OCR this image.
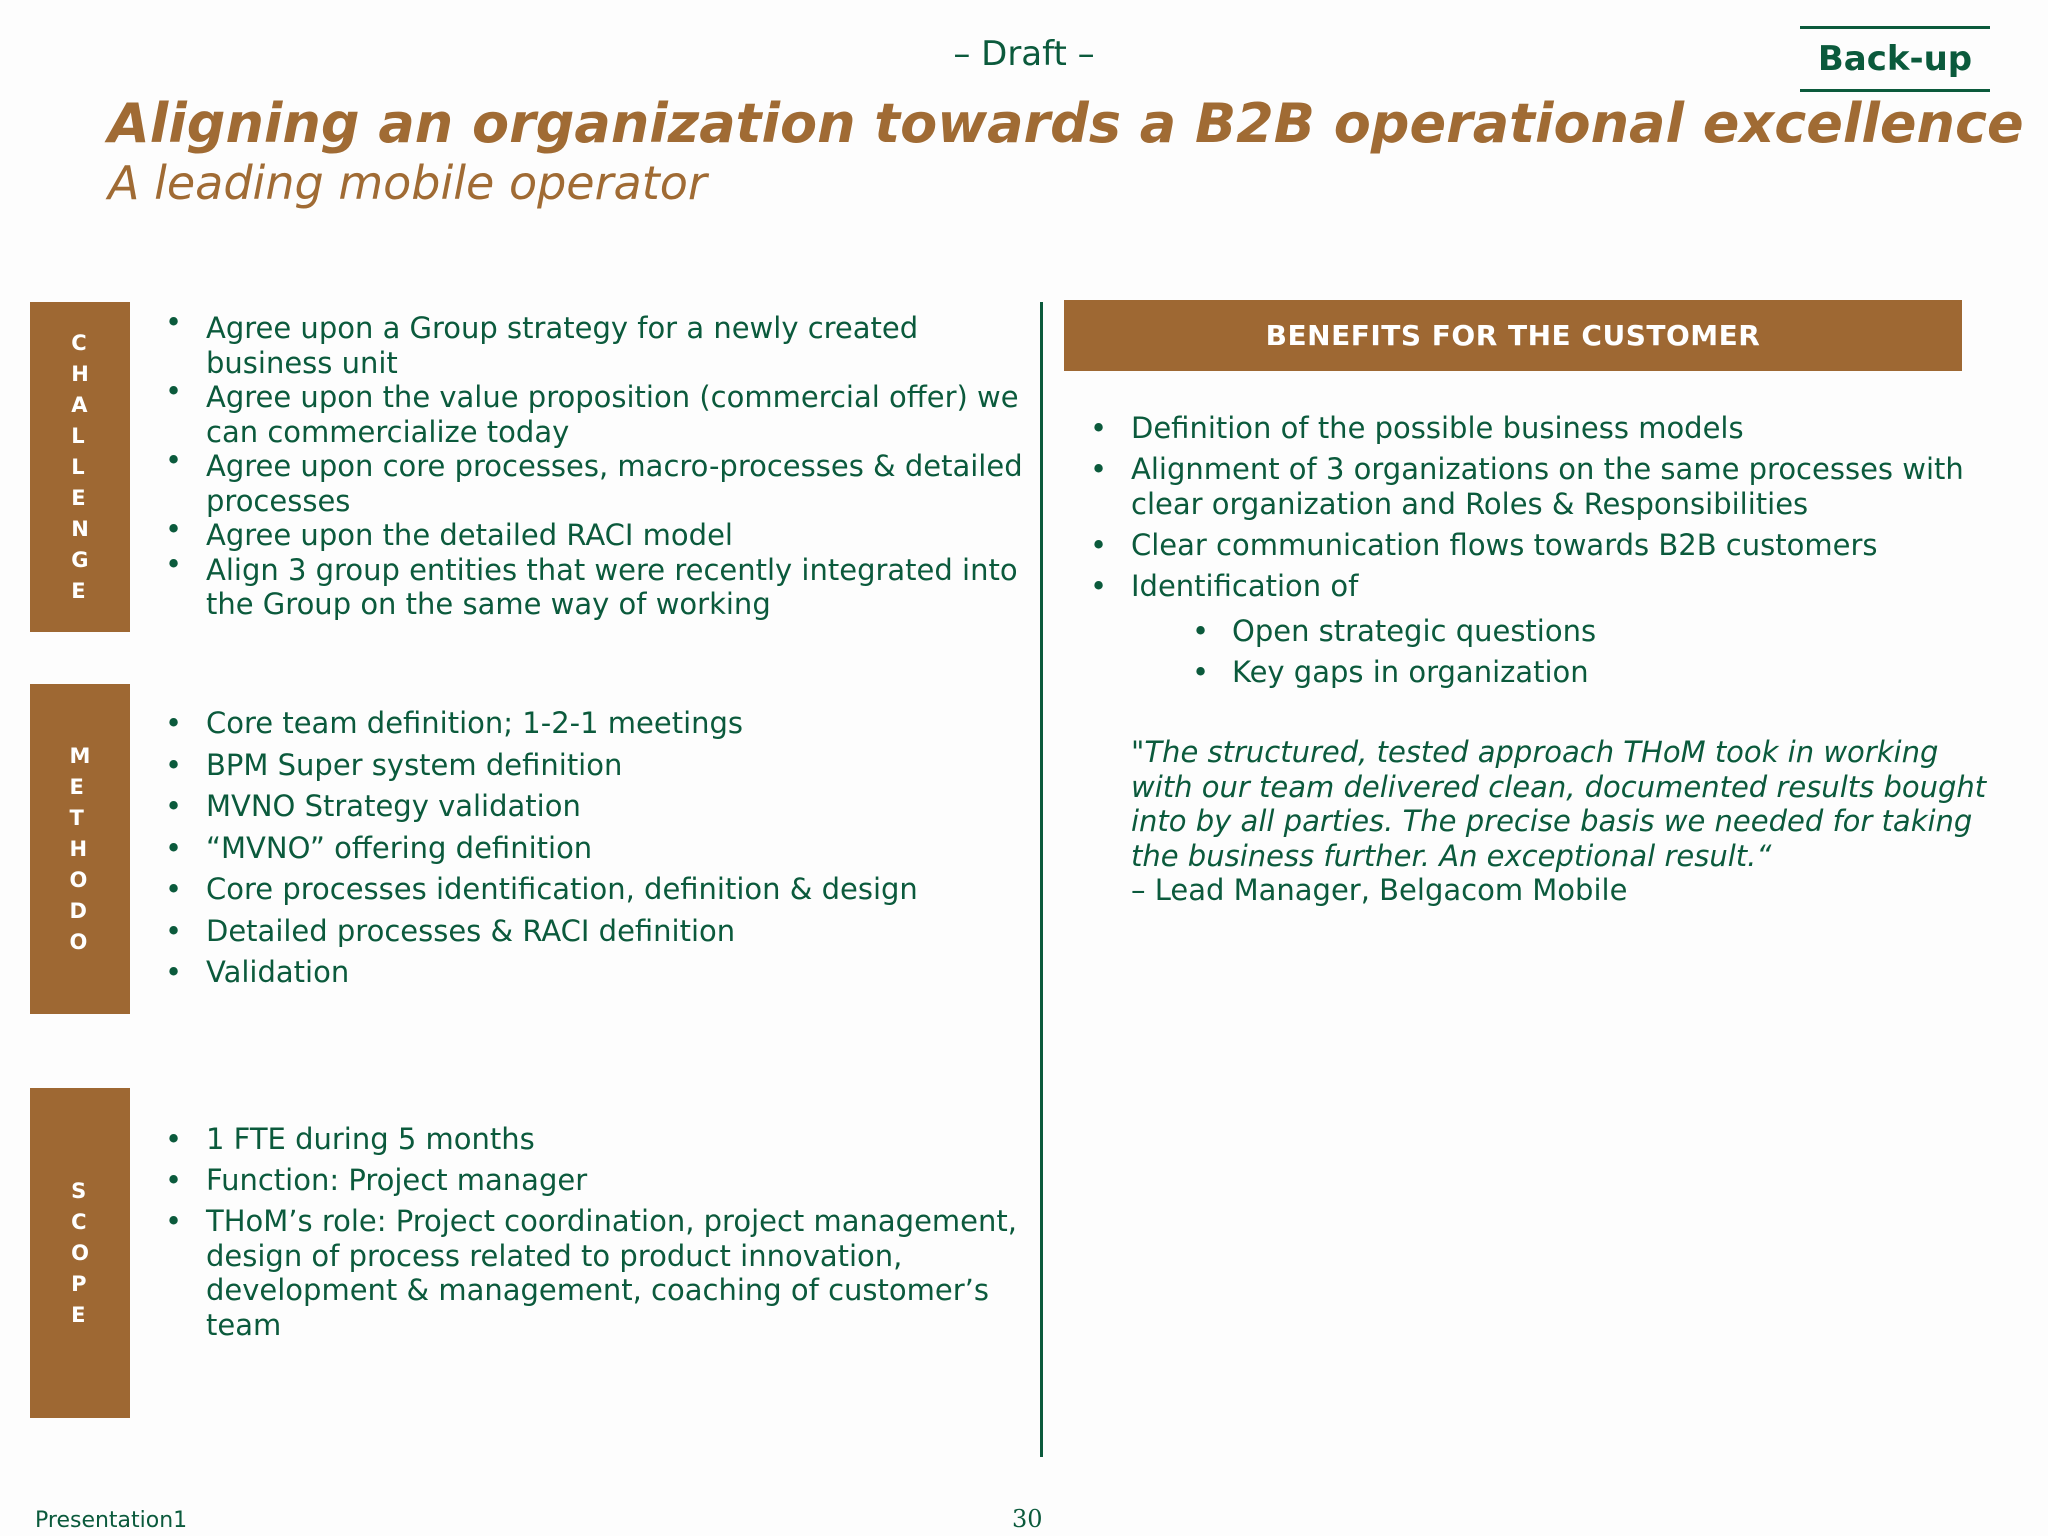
– Draft –	Back-up
Aligning an organization towards a B2B operational excellence
A leading mobile operator
C
H
A
L
L
E
N
G
E
M
E
T
H
O
D
O
S
C
O
P
E
• Agree upon a Group strategy for a newly created business unit
• Agree upon the value proposition (commercial offer) we can commercialize today
• Agree upon core processes, macro-processes & detailed processes
• Agree upon the detailed RACI model
• Align 3 group entities that were recently integrated into the Group on the same way of working
• Core team definition; 1-2-1 meetings
• BPM Super system definition
• MVNO Strategy validation
• “MVNO” offering definition
• Core processes identification, definition & design
• Detailed processes & RACI definition
• Validation
• 1 FTE during 5 months
• Function: Project manager
• THoM’s role: Project coordination, project management, design of process related to product innovation, development & management, coaching of customer’s team
BENEFITS FOR THE CUSTOMER
• Definition of the possible business models
• Alignment of 3 organizations on the same processes with clear organization and Roles & Responsibilities
• Clear communication flows towards B2B customers
• Identification of
• Open strategic questions
• Key gaps in organization
"The structured, tested approach THoM took in working with our team delivered clean, documented results bought into by all parties. The precise basis we needed for taking the business further. An exceptional result.“
– Lead Manager, Belgacom Mobile
Presentation1	30
